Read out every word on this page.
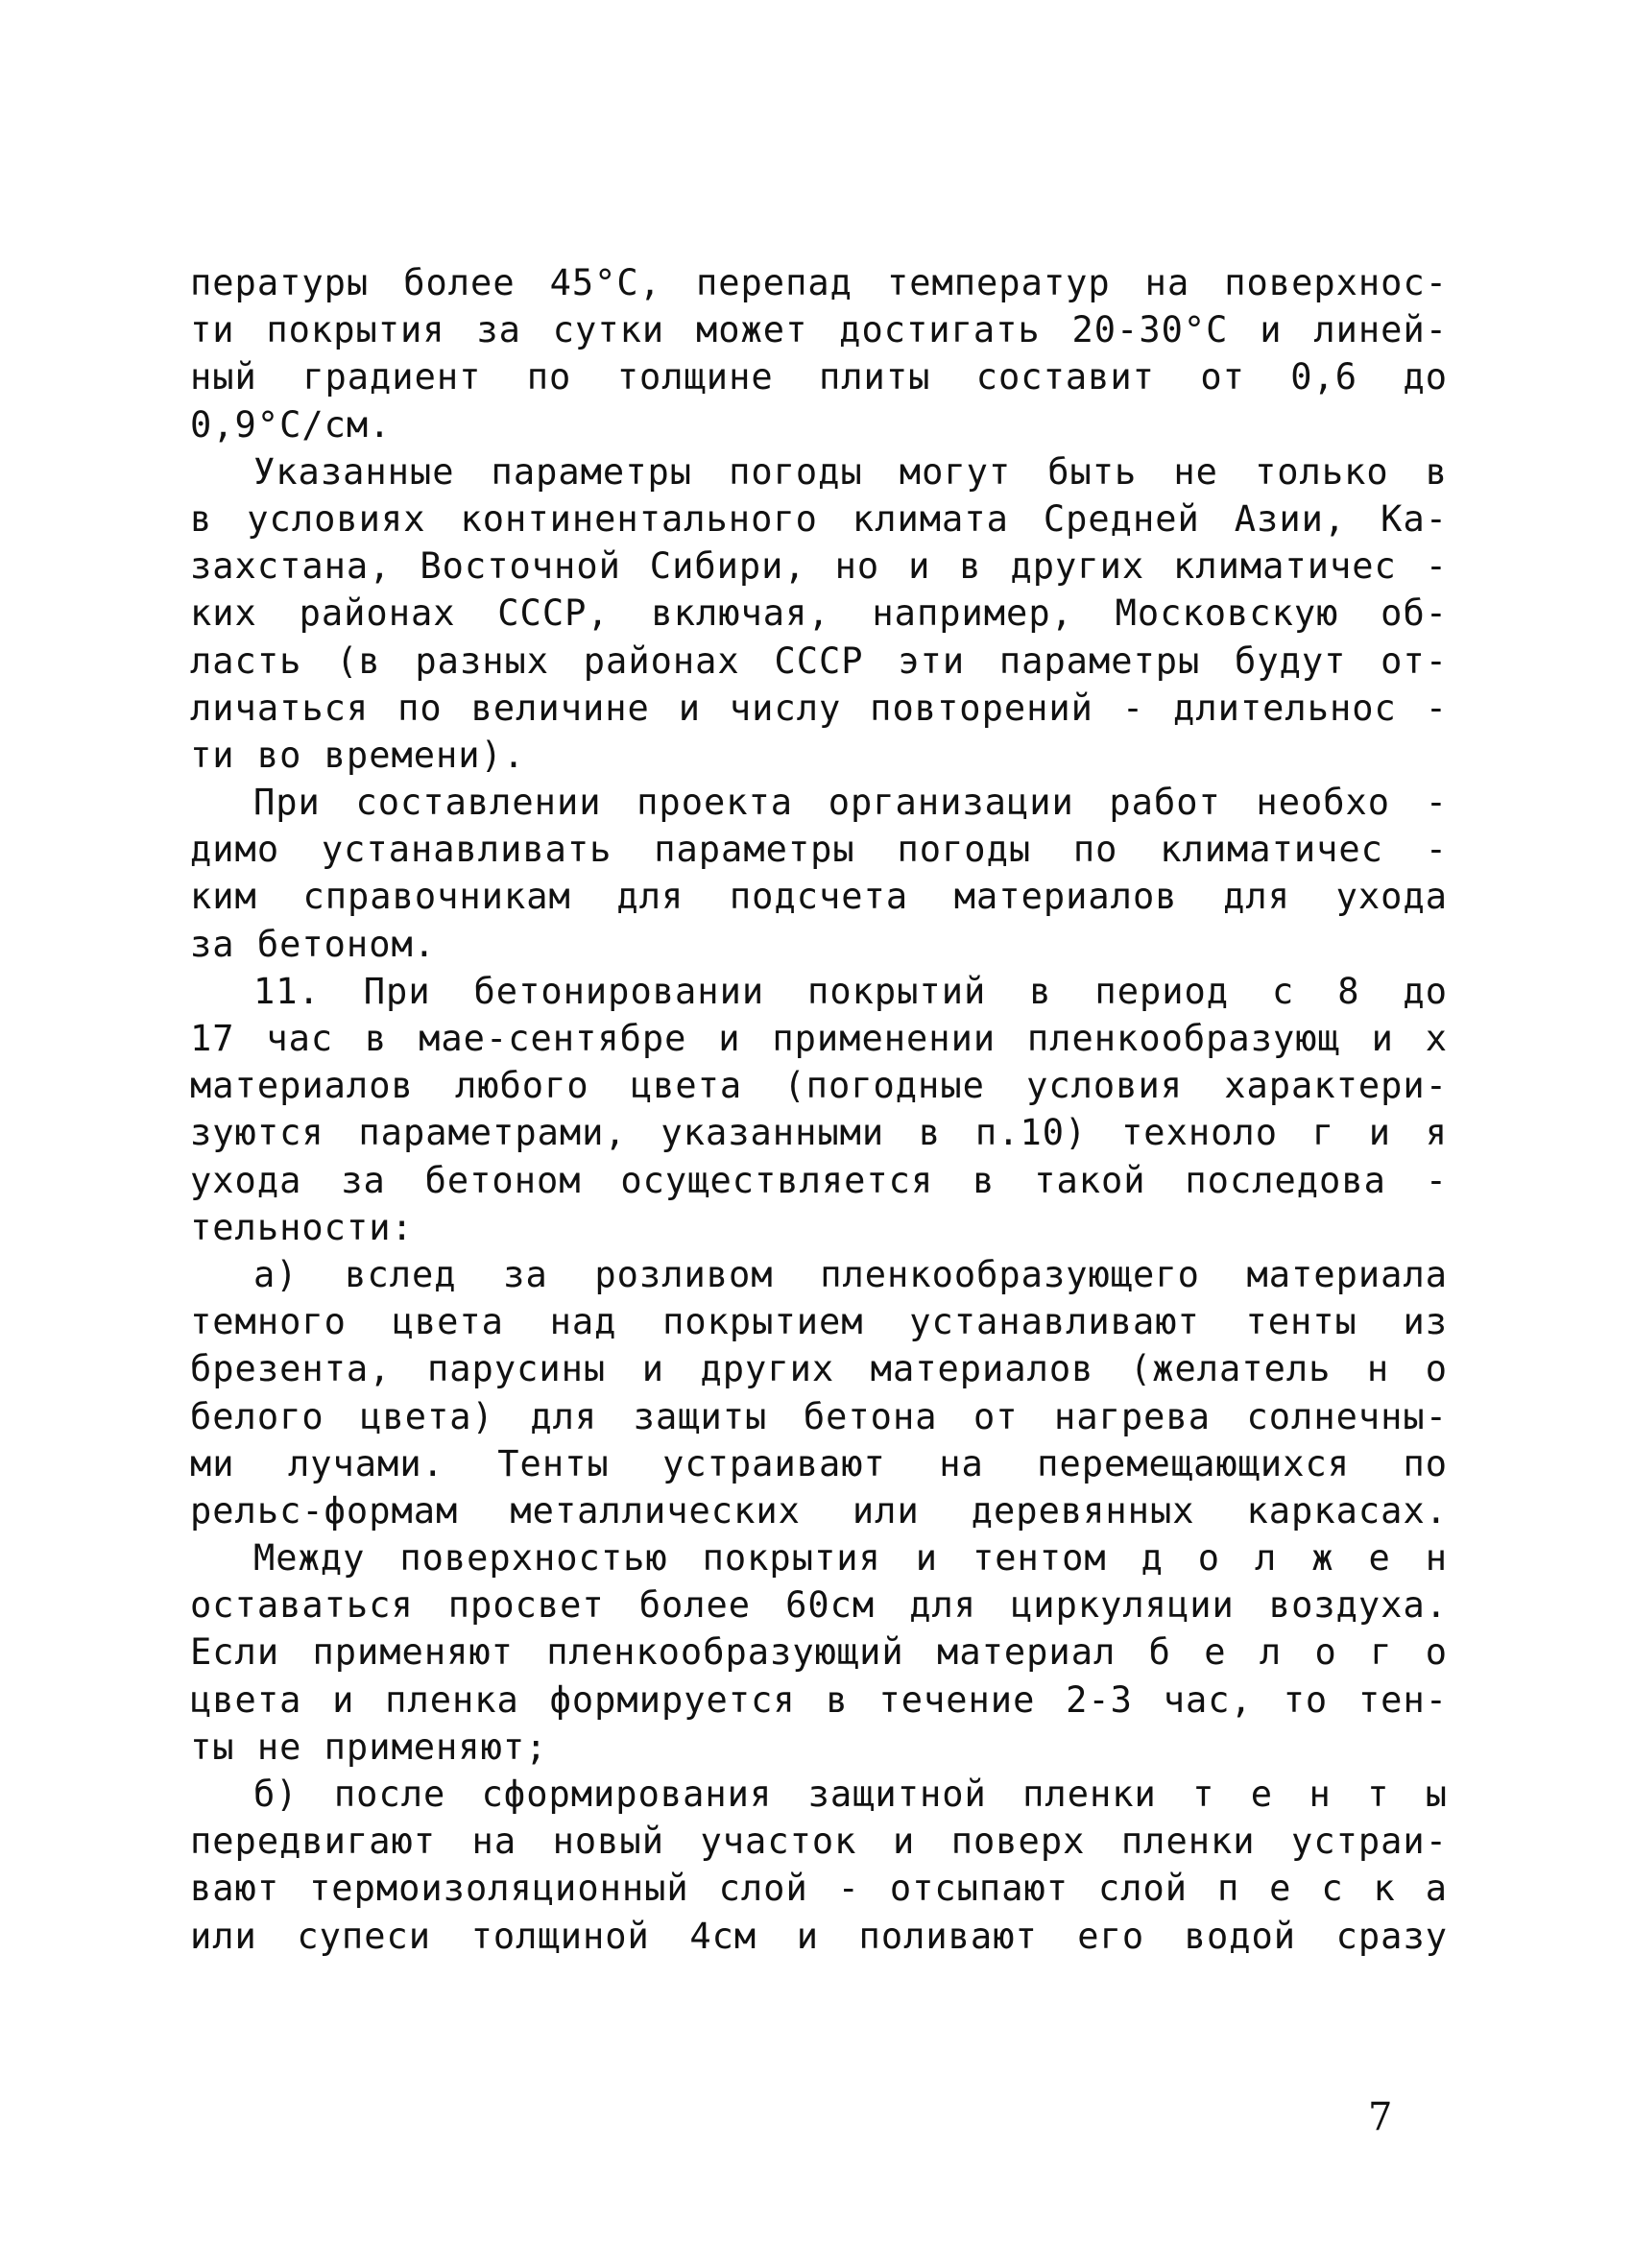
пературы более 45°С, перепад температур на поверхнос-
ти покрытия за сутки может достигать 20-30°С и линей-
ный градиент по толщине плиты составит от 0,6 до
0,9°С/см.
Указанные параметры погоды могут быть не только в
в условиях континентального климата Средней Азии, Ка-
захстана, Восточной Сибири, но и в других климатичес -
ких районах СССР, включая, например, Московскую об-
ласть (в разных районах СССР эти параметры будут от-
личаться по величине и числу повторений - длительнос -
ти во времени).
При составлении проекта организации работ необхо -
димо устанавливать параметры погоды по климатичес -
ким справочникам для подсчета материалов для ухода
за бетоном.
11. При бетонировании покрытий в период с 8 до
17 час в мае-сентябре и применении пленкообразующ и х
материалов любого цвета (погодные условия характери-
зуются параметрами, указанными в п.10) техноло г и я
ухода за бетоном осуществляется в такой последова -
тельности:
а) вслед за розливом пленкообразующего материала
темного цвета над покрытием устанавливают тенты из
брезента, парусины и других материалов (желатель н о
белого цвета) для защиты бетона от нагрева солнечны-
ми лучами. Тенты устраивают на перемещающихся по
рельс-формам металлических или деревянных каркасах.
Между поверхностью покрытия и тентом д о л ж е н
оставаться просвет более 60см для циркуляции воздуха.
Если применяют пленкообразующий материал б е л о г о
цвета и пленка формируется в течение 2-3 час, то тен-
ты не применяют;
б) после сформирования защитной пленки т е н т ы
передвигают на новый участок и поверх пленки устраи-
вают термоизоляционный слой - отсыпают слой п е с к а
или супеси толщиной 4см и поливают его водой сразу
7
